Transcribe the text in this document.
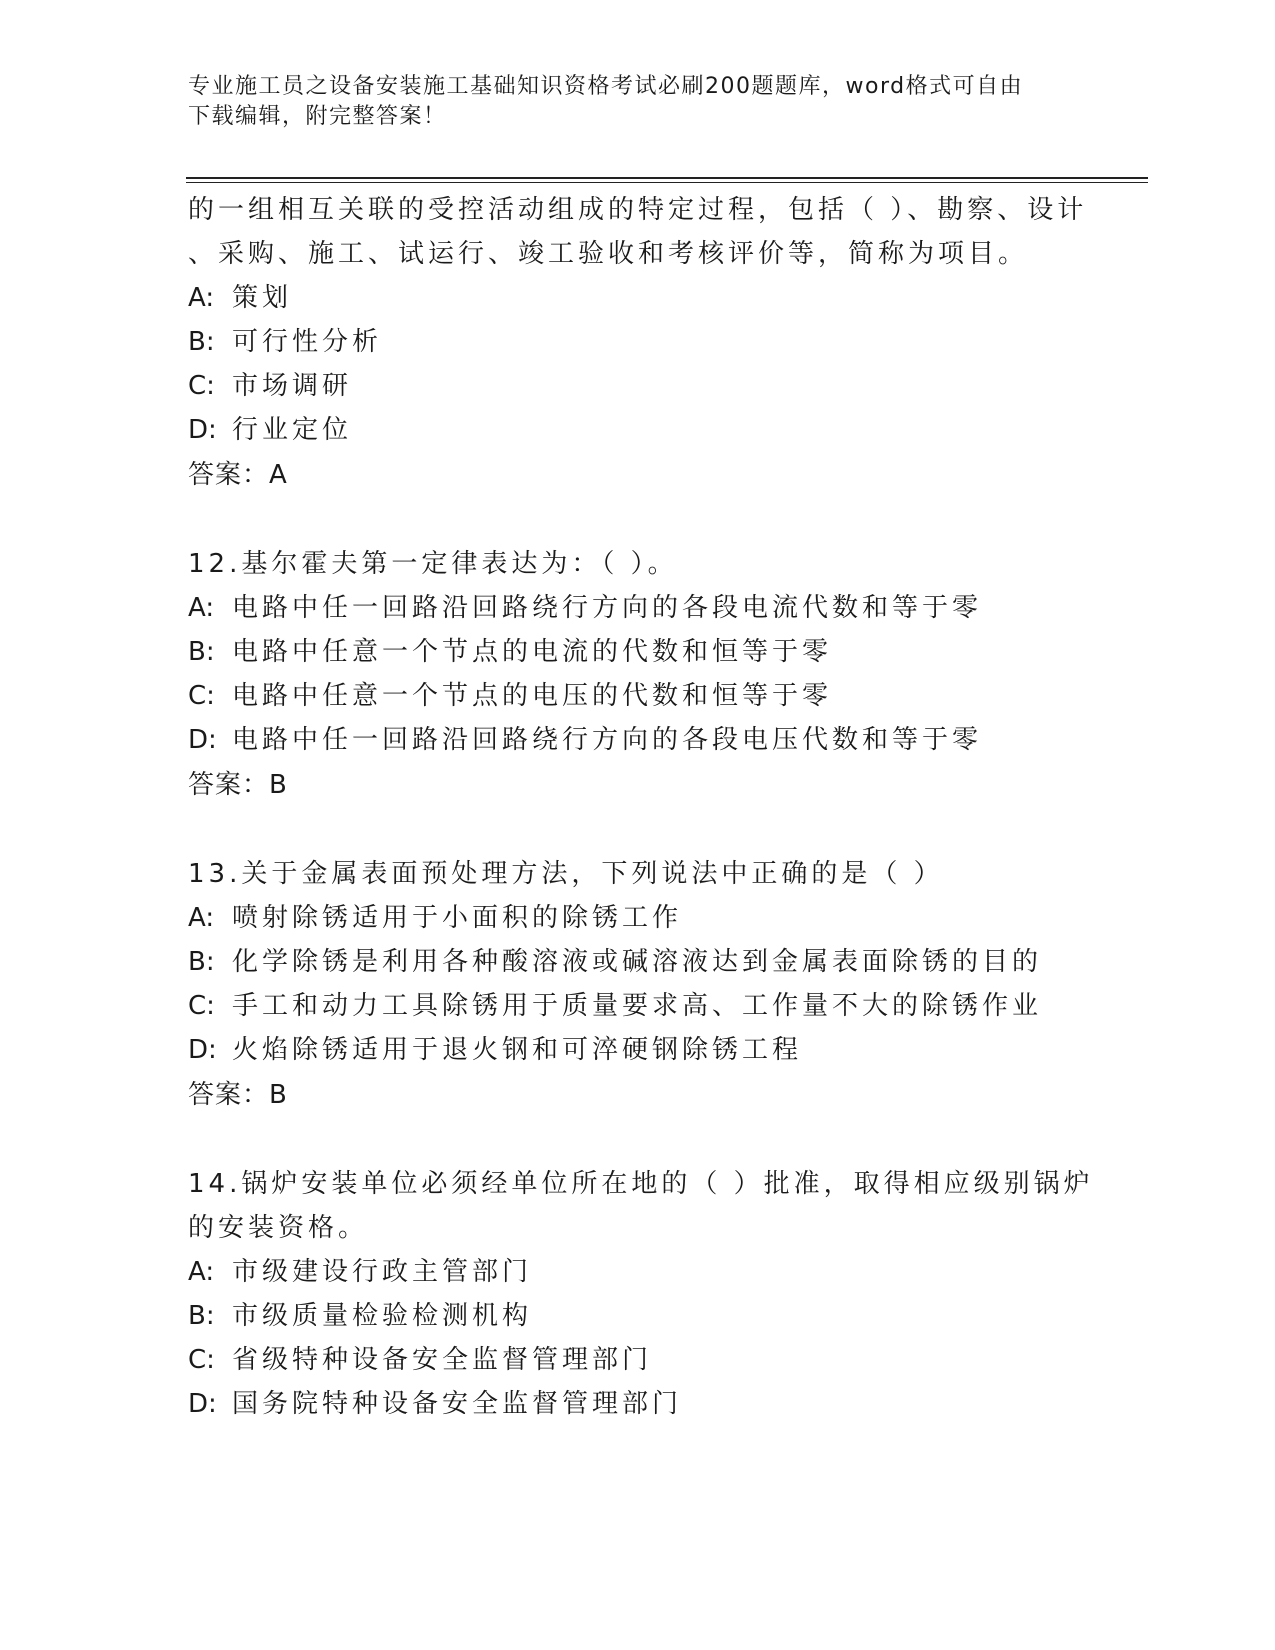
专业施工员之设备安装施工基础知识资格考试必刷200题题库，word格式可自由
下载编辑，附完整答案！
的一组相互关联的受控活动组成的特定过程，包括（ ）、勘察、设计
、采购、施工、试运行、竣工验收和考核评价等，简称为项目。
A: 策划
B: 可行性分析
C: 市场调研
D: 行业定位
答案：A
12.基尔霍夫第一定律表达为：（ ）。
A: 电路中任一回路沿回路绕行方向的各段电流代数和等于零
B: 电路中任意一个节点的电流的代数和恒等于零
C: 电路中任意一个节点的电压的代数和恒等于零
D: 电路中任一回路沿回路绕行方向的各段电压代数和等于零
答案：B
13.关于金属表面预处理方法，下列说法中正确的是（ ）
A: 喷射除锈适用于小面积的除锈工作
B: 化学除锈是利用各种酸溶液或碱溶液达到金属表面除锈的目的
C: 手工和动力工具除锈用于质量要求高、工作量不大的除锈作业
D: 火焰除锈适用于退火钢和可淬硬钢除锈工程
答案：B
14.锅炉安装单位必须经单位所在地的（ ）批准，取得相应级别锅炉
的安装资格。
A: 市级建设行政主管部门
B: 市级质量检验检测机构
C: 省级特种设备安全监督管理部门
D: 国务院特种设备安全监督管理部门
